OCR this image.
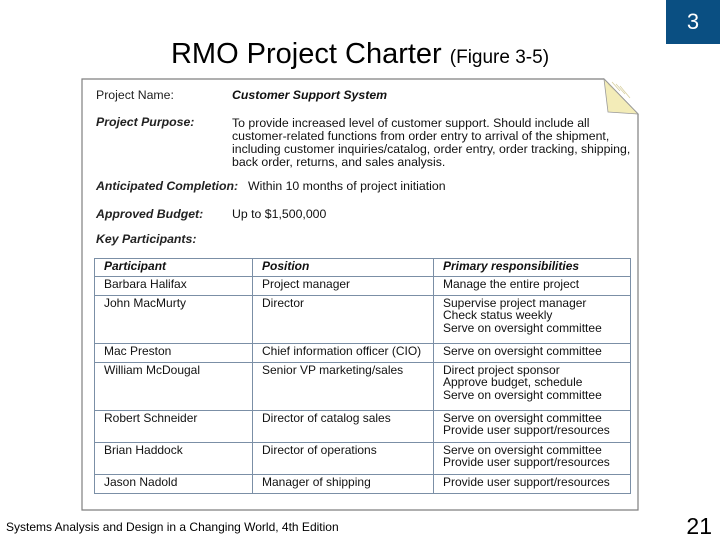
3
RMO Project Charter (Figure 3-5)
Project Name:	Customer Support System
Project Purpose:	To provide increased level of customer support. Should include all
customer-related functions from order entry to arrival of the shipment,
including customer inquiries/catalog, order entry, order tracking, shipping,
back order, returns, and sales analysis.
Anticipated Completion: Within 10 months of project initiation
Approved Budget: Up to $1,500,000
Key Participants:
Participant	Position	Primary responsibilities
Barbara Halifax	Project manager	Manage the entire project

John MacMurty	Director	Supervise project manager
Check status weekly
Serve on oversight committee

Mac Preston	Chief information officer (CIO)	Serve on oversight committee

William McDougal	Senior VP marketing/sales	Direct project sponsor
Approve budget, schedule
Serve on oversight committee

Robert Schneider	Director of catalog sales	Serve on oversight committee
Provide user support/resources

Brian Haddock	Director of operations	Serve on oversight committee
Provide user support/resources

Jason Nadold	Manager of shipping	Provide user support/resources
Systems Analysis and Design in a Changing World, 4th Edition	21
